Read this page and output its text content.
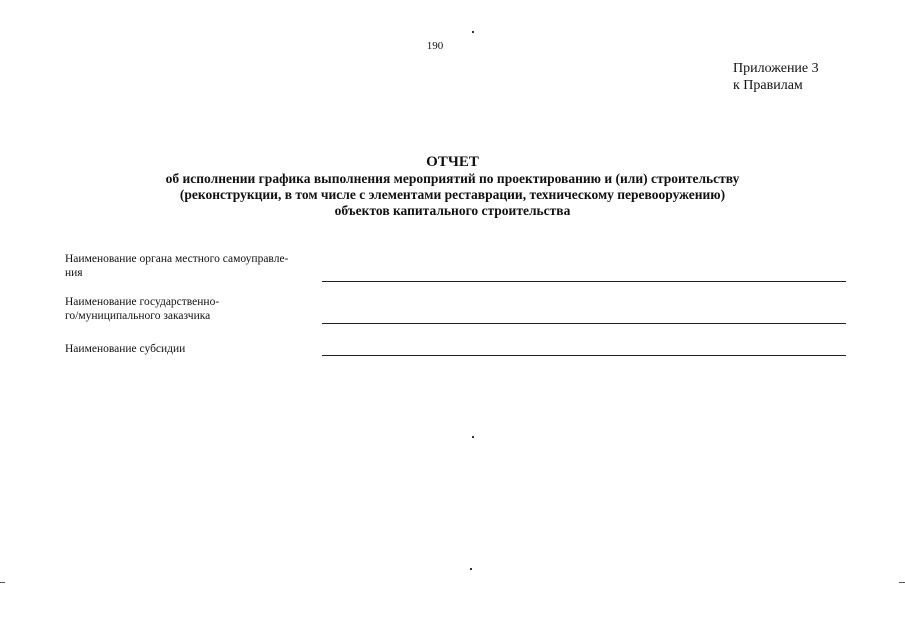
190
Приложение 3
к Правилам
ОТЧЕТ
об исполнении графика выполнения мероприятий по проектированию и (или) строительству
(реконструкции, в том числе с элементами реставрации, техническому перевооружению)
объектов капитального строительства
Наименование органа местного самоуправле-
ния
Наименование государственно-
го/муниципального заказчика
Наименование субсидии
